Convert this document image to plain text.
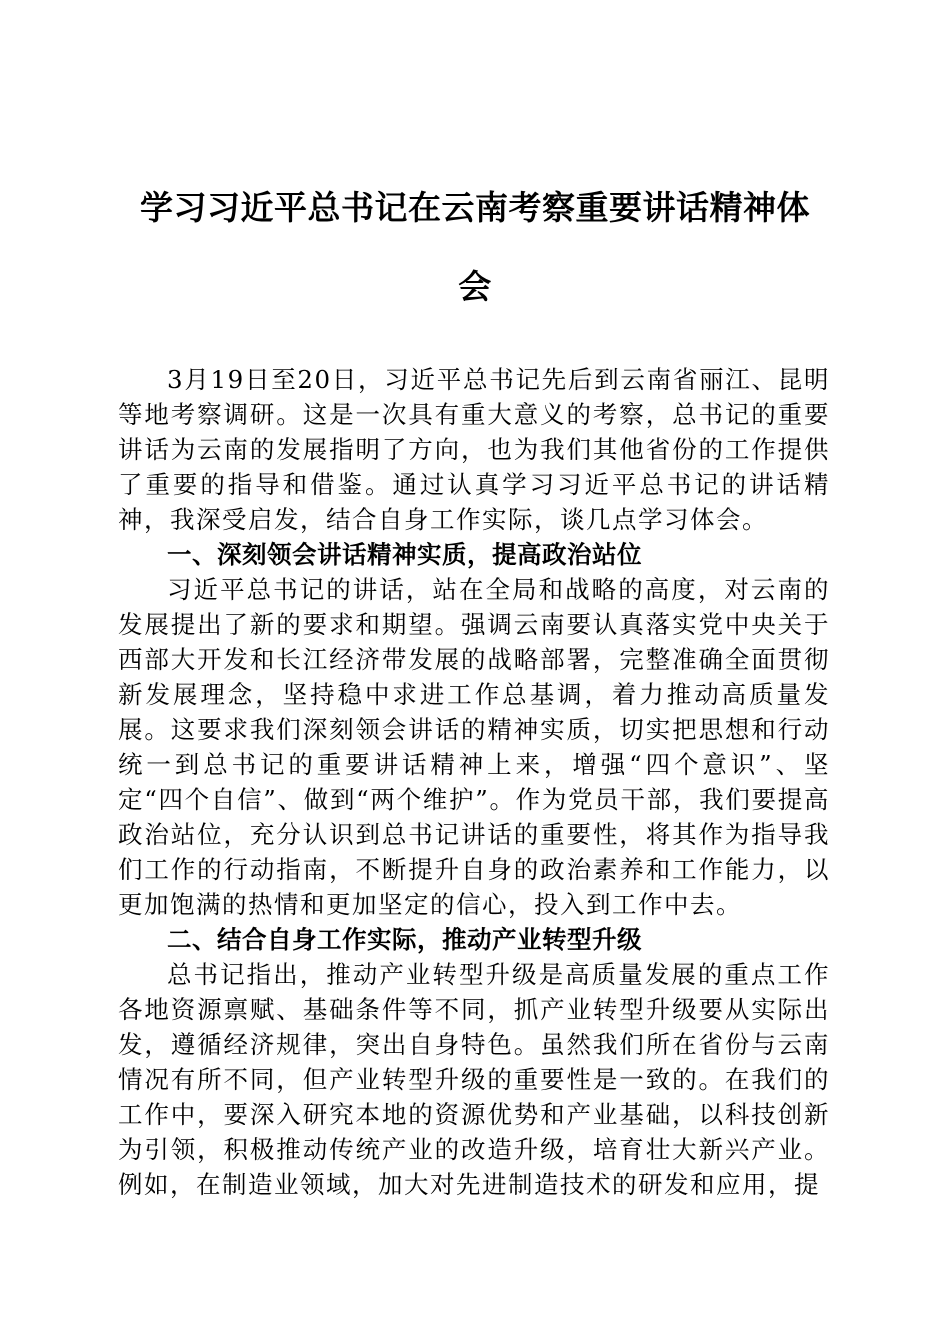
学习习近平总书记在云南考察重要讲话精神体
会

3月19日至20日，习近平总书记先后到云南省丽江、昆明等地考察调研。这是一次具有重大意义的考察，总书记的重要讲话为云南的发展指明了方向，也为我们其他省份的工作提供了重要的指导和借鉴。通过认真学习习近平总书记的讲话精神，我深受启发，结合自身工作实际，谈几点学习体会。

一、深刻领会讲话精神实质，提高政治站位

习近平总书记的讲话，站在全局和战略的高度，对云南的发展提出了新的要求和期望。强调云南要认真落实党中央关于西部大开发和长江经济带发展的战略部署，完整准确全面贯彻新发展理念，坚持稳中求进工作总基调，着力推动高质量发展。这要求我们深刻领会讲话的精神实质，切实把思想和行动统一到总书记的重要讲话精神上来，增强“四个意识”、坚定“四个自信”、做到“两个维护”。作为党员干部，我们要提高政治站位，充分认识到总书记讲话的重要性，将其作为指导我们工作的行动指南，不断提升自身的政治素养和工作能力，以更加饱满的热情和更加坚定的信心，投入到工作中去。

二、结合自身工作实际，推动产业转型升级

总书记指出，推动产业转型升级是高质量发展的重点工作各地资源禀赋、基础条件等不同，抓产业转型升级要从实际出发，遵循经济规律，突出自身特色。虽然我们所在省份与云南情况有所不同，但产业转型升级的重要性是一致的。在我们的工作中，要深入研究本地的资源优势和产业基础，以科技创新为引领，积极推动传统产业的改造升级，培育壮大新兴产业。例如，在制造业领域，加大对先进制造技术的研发和应用，提
